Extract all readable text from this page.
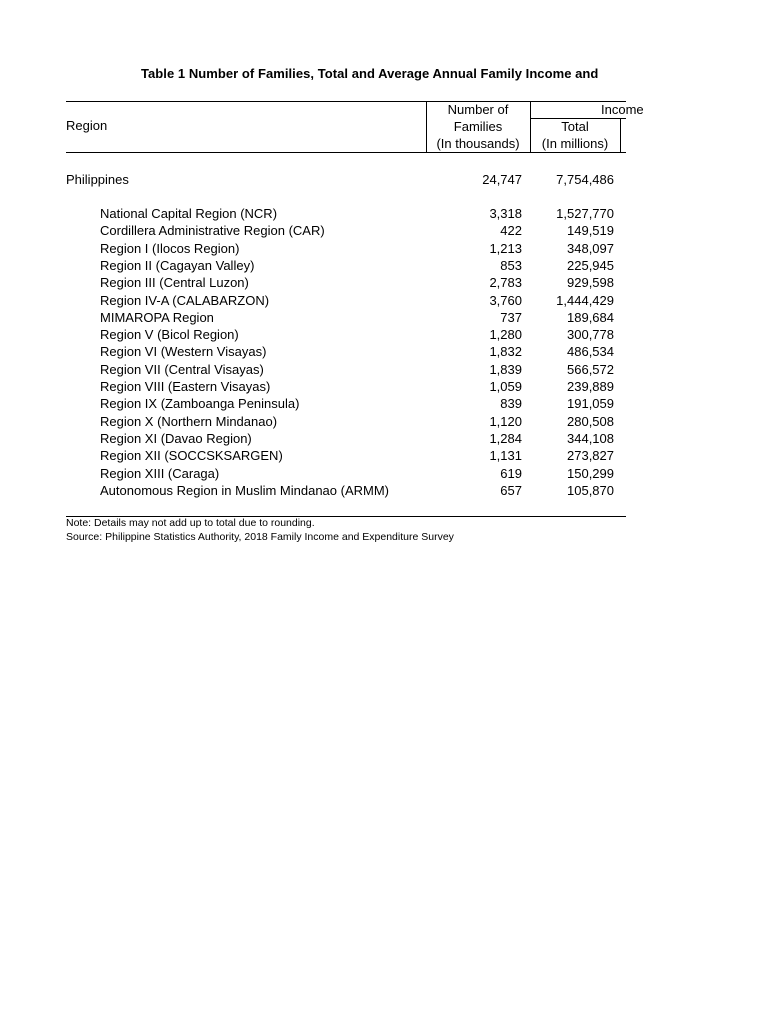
Table 1 Number of Families, Total and Average Annual Family Income and
Region
Number of
Families
(In thousands)
Income
Total
(In millions)
Philippines	24,747	7,754,486
National Capital Region (NCR)	3,318	1,527,770
Cordillera Administrative Region (CAR)	422	149,519
Region I (Ilocos Region)	1,213	348,097
Region II (Cagayan Valley)	853	225,945
Region III (Central Luzon)	2,783	929,598
Region IV-A (CALABARZON)	3,760	1,444,429
MIMAROPA Region	737	189,684
Region V (Bicol Region)	1,280	300,778
Region VI (Western Visayas)	1,832	486,534
Region VII (Central Visayas)	1,839	566,572
Region VIII (Eastern Visayas)	1,059	239,889
Region IX (Zamboanga Peninsula)	839	191,059
Region X (Northern Mindanao)	1,120	280,508
Region XI (Davao Region)	1,284	344,108
Region XII (SOCCSKSARGEN)	1,131	273,827
Region XIII (Caraga)	619	150,299
Autonomous Region in Muslim Mindanao (ARMM)	657	105,870
Note: Details may not add up to total due to rounding.
Source: Philippine Statistics Authority, 2018 Family Income and Expenditure Survey
